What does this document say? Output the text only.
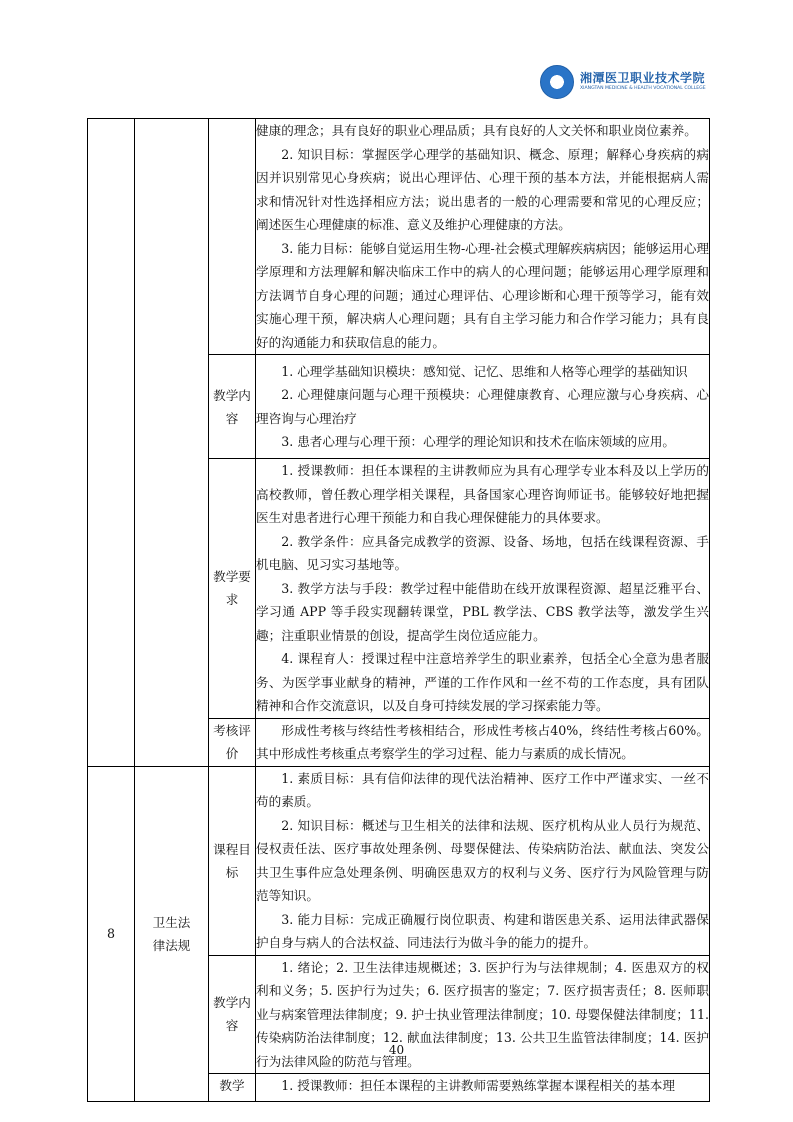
湘潭医卫职业技术学院
XIANGTAN MEDICINE & HEALTH VOCATIONAL COLLEGE

			健康的理念；具有良好的职业心理品质；具有良好的人文关怀和职业岗位素养。
2. 知识目标：掌握医学心理学的基础知识、概念、原理；解释心身疾病的病因并识别常见心身疾病；说出心理评估、心理干预的基本方法，并能根据病人需求和情况针对性选择相应方法；说出患者的一般的心理需要和常见的心理反应；阐述医生心理健康的标准、意义及维护心理健康的方法。
3. 能力目标：能够自觉运用生物-心理-社会模式理解疾病病因；能够运用心理学原理和方法理解和解决临床工作中的病人的心理问题；能够运用心理学原理和方法调节自身心理的问题；通过心理评估、心理诊断和心理干预等学习，能有效实施心理干预，解决病人心理问题；具有自主学习能力和合作学习能力；具有良好的沟通能力和获取信息的能力。

		教学内容	1. 心理学基础知识模块：感知觉、记忆、思维和人格等心理学的基础知识
2. 心理健康问题与心理干预模块：心理健康教育、心理应激与心身疾病、心理咨询与心理治疗
3. 患者心理与心理干预：心理学的理论知识和技术在临床领域的应用。

		教学要求	1. 授课教师：担任本课程的主讲教师应为具有心理学专业本科及以上学历的高校教师，曾任教心理学相关课程，具备国家心理咨询师证书。能够较好地把握医生对患者进行心理干预能力和自我心理保健能力的具体要求。
2. 教学条件：应具备完成教学的资源、设备、场地，包括在线课程资源、手机电脑、见习实习基地等。
3. 教学方法与手段：教学过程中能借助在线开放课程资源、超星泛雅平台、学习通 APP 等手段实现翻转课堂，PBL 教学法、CBS 教学法等，激发学生兴趣；注重职业情景的创设，提高学生岗位适应能力。
4. 课程育人：授课过程中注意培养学生的职业素养，包括全心全意为患者服务、为医学事业献身的精神，严谨的工作作风和一丝不苟的工作态度，具有团队精神和合作交流意识，以及自身可持续发展的学习探索能力等。

		考核评价	形成性考核与终结性考核相结合，形成性考核占40%，终结性考核占60%。其中形成性考核重点考察学生的学习过程、能力与素质的成长情况。

8	卫生法律法规	课程目标	1. 素质目标：具有信仰法律的现代法治精神、医疗工作中严谨求实、一丝不苟的素质。
2. 知识目标：概述与卫生相关的法律和法规、医疗机构从业人员行为规范、侵权责任法、医疗事故处理条例、母婴保健法、传染病防治法、献血法、突发公共卫生事件应急处理条例、明确医患双方的权利与义务、医疗行为风险管理与防范等知识。
3. 能力目标：完成正确履行岗位职责、构建和谐医患关系、运用法律武器保护自身与病人的合法权益、同违法行为做斗争的能力的提升。

		教学内容	1. 绪论；2. 卫生法律违规概述；3. 医护行为与法律规制；4. 医患双方的权利和义务；5. 医护行为过失；6. 医疗损害的鉴定；7. 医疗损害责任；8. 医师职业与病案管理法律制度；9. 护士执业管理法律制度；10. 母婴保健法律制度；11. 传染病防治法律制度；12. 献血法律制度；13. 公共卫生监管法律制度；14. 医护行为法律风险的防范与管理。

		教学	1. 授课教师：担任本课程的主讲教师需要熟练掌握本课程相关的基本理
40
